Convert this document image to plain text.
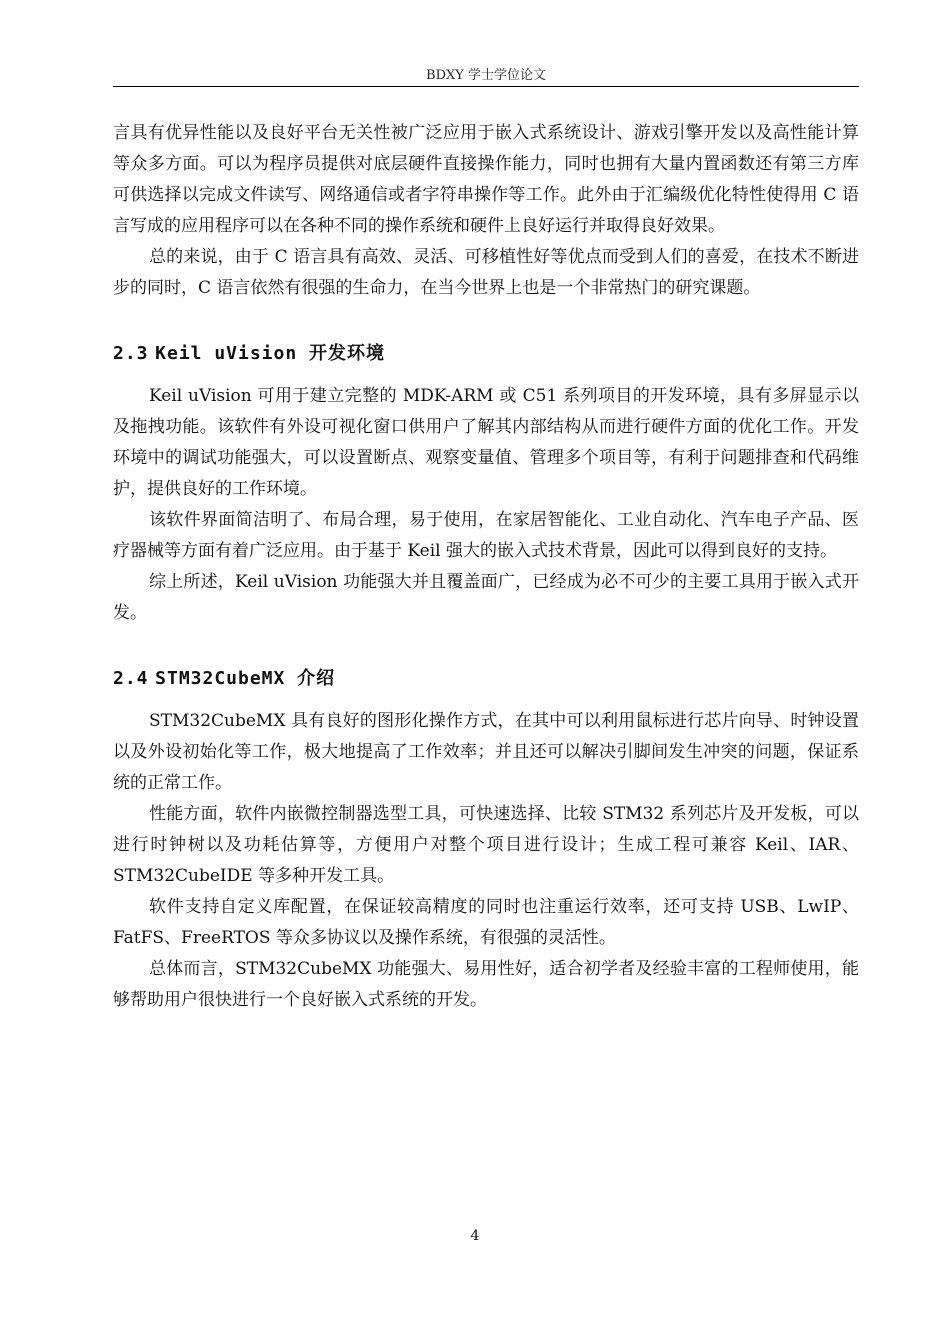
BDXY 学士学位论文

言具有优异性能以及良好平台无关性被广泛应用于嵌入式系统设计、游戏引擎开发以及高性能计算等众多方面。可以为程序员提供对底层硬件直接操作能力，同时也拥有大量内置函数还有第三方库可供选择以完成文件读写、网络通信或者字符串操作等工作。此外由于汇编级优化特性使得用 C 语言写成的应用程序可以在各种不同的操作系统和硬件上良好运行并取得良好效果。

总的来说，由于 C 语言具有高效、灵活、可移植性好等优点而受到人们的喜爱，在技术不断进步的同时，C 语言依然有很强的生命力，在当今世界上也是一个非常热门的研究课题。

2.3 Keil uVision 开发环境

Keil uVision 可用于建立完整的 MDK-ARM 或 C51 系列项目的开发环境，具有多屏显示以及拖拽功能。该软件有外设可视化窗口供用户了解其内部结构从而进行硬件方面的优化工作。开发环境中的调试功能强大，可以设置断点、观察变量值、管理多个项目等，有利于问题排查和代码维护，提供良好的工作环境。

该软件界面简洁明了、布局合理，易于使用，在家居智能化、工业自动化、汽车电子产品、医疗器械等方面有着广泛应用。由于基于 Keil 强大的嵌入式技术背景，因此可以得到良好的支持。

综上所述，Keil uVision 功能强大并且覆盖面广，已经成为必不可少的主要工具用于嵌入式开发。

2.4 STM32CubeMX 介绍

STM32CubeMX 具有良好的图形化操作方式，在其中可以利用鼠标进行芯片向导、时钟设置以及外设初始化等工作，极大地提高了工作效率；并且还可以解决引脚间发生冲突的问题，保证系统的正常工作。

性能方面，软件内嵌微控制器选型工具，可快速选择、比较 STM32 系列芯片及开发板，可以进行时钟树以及功耗估算等，方便用户对整个项目进行设计；生成工程可兼容 Keil、IAR、STM32CubeIDE 等多种开发工具。

软件支持自定义库配置，在保证较高精度的同时也注重运行效率，还可支持 USB、LwIP、FatFS、FreeRTOS 等众多协议以及操作系统，有很强的灵活性。

总体而言，STM32CubeMX 功能强大、易用性好，适合初学者及经验丰富的工程师使用，能够帮助用户很快进行一个良好嵌入式系统的开发。

4
